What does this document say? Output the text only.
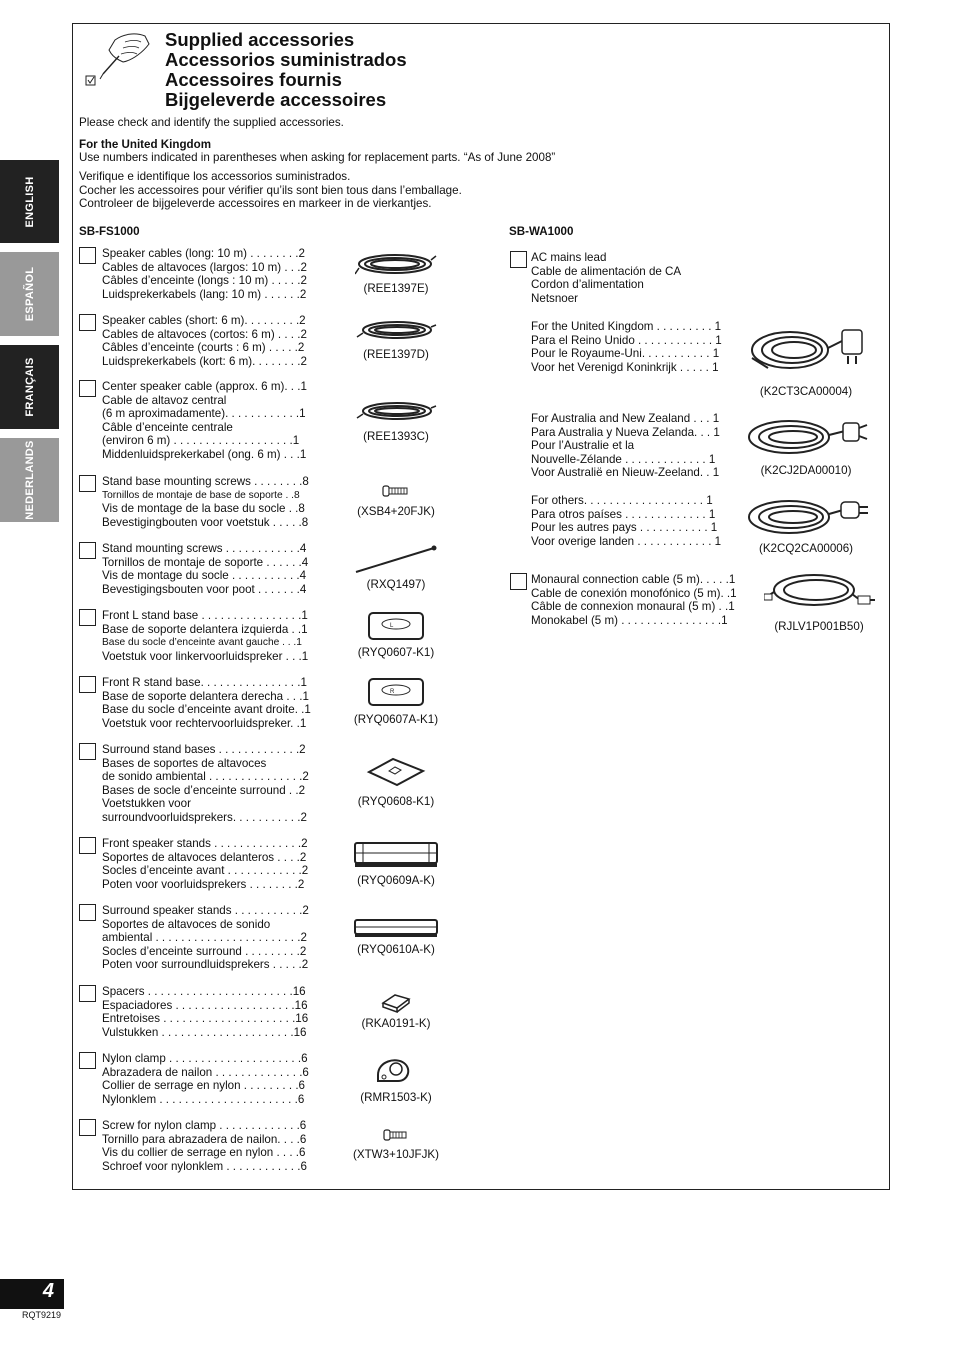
ENGLISH
ESPAÑOL
FRANÇAIS
NEDERLANDS
Supplied accessories
Accessorios suministrados
Accessoires fournis
Bijgeleverde accessoires
Please check and identify the supplied accessories.
For the United Kingdom
Use numbers indicated in parentheses when asking for replacement parts. “As of June 2008”
Verifique e identifique los accessorios suministrados.
Cocher les accessoires pour vérifier qu’ils sont bien tous dans l’emballage.
Controleer de bijgeleverde accessoires en markeer in de vierkantjes.
SB-FS1000	SB-WA1000
Speaker cables (long: 10 m) . . . . . . . .2
Cables de altavoces (largos: 10 m) . . .2
Câbles d’enceinte (longs : 10 m) . . . . .2
Luidsprekerkabels (lang: 10 m) . . . . . .2	(REE1397E)
Speaker cables (short: 6 m). . . . . . . . .2
Cables de altavoces (cortos: 6 m) . . . .2
Câbles d’enceinte (courts : 6 m) . . . . .2
Luidsprekerkabels (kort: 6 m). . . . . . . .2
(REE1397D)
Center speaker cable (approx. 6 m). . .1
Cable de altavoz central
(6 m aproximadamente). . . . . . . . . . . .1
Câble d’enceinte centrale
(environ 6 m) . . . . . . . . . . . . . . . . . . .1
Middenluidsprekerkabel (ong. 6 m) . . .1
(REE1393C)
Stand base mounting screws . . . . . . . .8
Tornillos de montaje de base de soporte . .8
Vis de montage de la base du socle . .8
Bevestigingbouten voor voetstuk . . . . .8
(XSB4+20FJK)
Stand mounting screws . . . . . . . . . . . .4
Tornillos de montaje de soporte . . . . . .4
Vis de montage du socle . . . . . . . . . . .4
Bevestigingsbouten voor poot . . . . . . .4	(RXQ1497)
Front L stand base . . . . . . . . . . . . . . . .1
Base de soporte delantera izquierda . .1
Base du socle d’enceinte avant gauche . . .1
Voetstuk voor linkervoorluidspreker . . .1
L
(RYQ0607-K1)
Front R stand base. . . . . . . . . . . . . . . .1
Base de soporte delantera derecha . . .1
Base du socle d’enceinte avant droite. .1
Voetstuk voor rechtervoorluidspreker. .1
R
(RYQ0607A-K1)
Surround stand bases . . . . . . . . . . . . .2
Bases de soportes de altavoces
de sonido ambiental . . . . . . . . . . . . . . .2
Bases de socle d’enceinte surround . .2
Voetstukken voor
surroundvoorluidsprekers. . . . . . . . . . .2
(RYQ0608-K1)
Front speaker stands . . . . . . . . . . . . . .2
Soportes de altavoces delanteros . . . .2
Socles d’enceinte avant . . . . . . . . . . . .2
Poten voor voorluidsprekers . . . . . . . .2	(RYQ0609A-K)
Surround speaker stands . . . . . . . . . . .2
Soportes de altavoces de sonido
ambiental . . . . . . . . . . . . . . . . . . . . . . .2
Socles d’enceinte surround . . . . . . . . .2
Poten voor surroundluidsprekers . . . . .2
(RYQ0610A-K)
Spacers . . . . . . . . . . . . . . . . . . . . . . .16
Espaciadores . . . . . . . . . . . . . . . . . . .16
Entretoises . . . . . . . . . . . . . . . . . . . . .16
Vulstukken . . . . . . . . . . . . . . . . . . . . .16
(RKA0191-K)
Nylon clamp . . . . . . . . . . . . . . . . . . . . .6
Abrazadera de nailon . . . . . . . . . . . . . .6
Collier de serrage en nylon . . . . . . . . .6
Nylonklem . . . . . . . . . . . . . . . . . . . . . .6	(RMR1503-K)
Screw for nylon clamp . . . . . . . . . . . . .6
Tornillo para abrazadera de nailon. . . .6
Vis du collier de serrage en nylon . . . .6
Schroef voor nylonklem . . . . . . . . . . . .6
(XTW3+10JFJK)
AC mains lead
Cable de alimentación de CA
Cordon d’alimentation
Netsnoer
For the United Kingdom . . . . . . . . . 1
Para el Reino Unido . . . . . . . . . . . . 1
Pour le Royaume-Uni. . . . . . . . . . . 1
Voor het Verenigd Koninkrijk . . . . . 1
(K2CT3CA00004)
For Australia and New Zealand . . . 1
Para Australia y Nueva Zelanda. . . 1
Pour l’Australie et la
Nouvelle-Zélande . . . . . . . . . . . . . 1
Voor Australië en Nieuw-Zeeland. . 1	(K2CJ2DA00010)
For others. . . . . . . . . . . . . . . . . . . 1
Para otros países . . . . . . . . . . . . . 1
Pour les autres pays . . . . . . . . . . . 1
Voor overige landen . . . . . . . . . . . . 1
(K2CQ2CA00006)
Monaural connection cable (5 m). . . . .1
Cable de conexión monofónico (5 m). .1
Câble de connexion monaural (5 m) . .1
Monokabel (5 m) . . . . . . . . . . . . . . . .1	(RJLV1P001B50)
4
RQT9219
